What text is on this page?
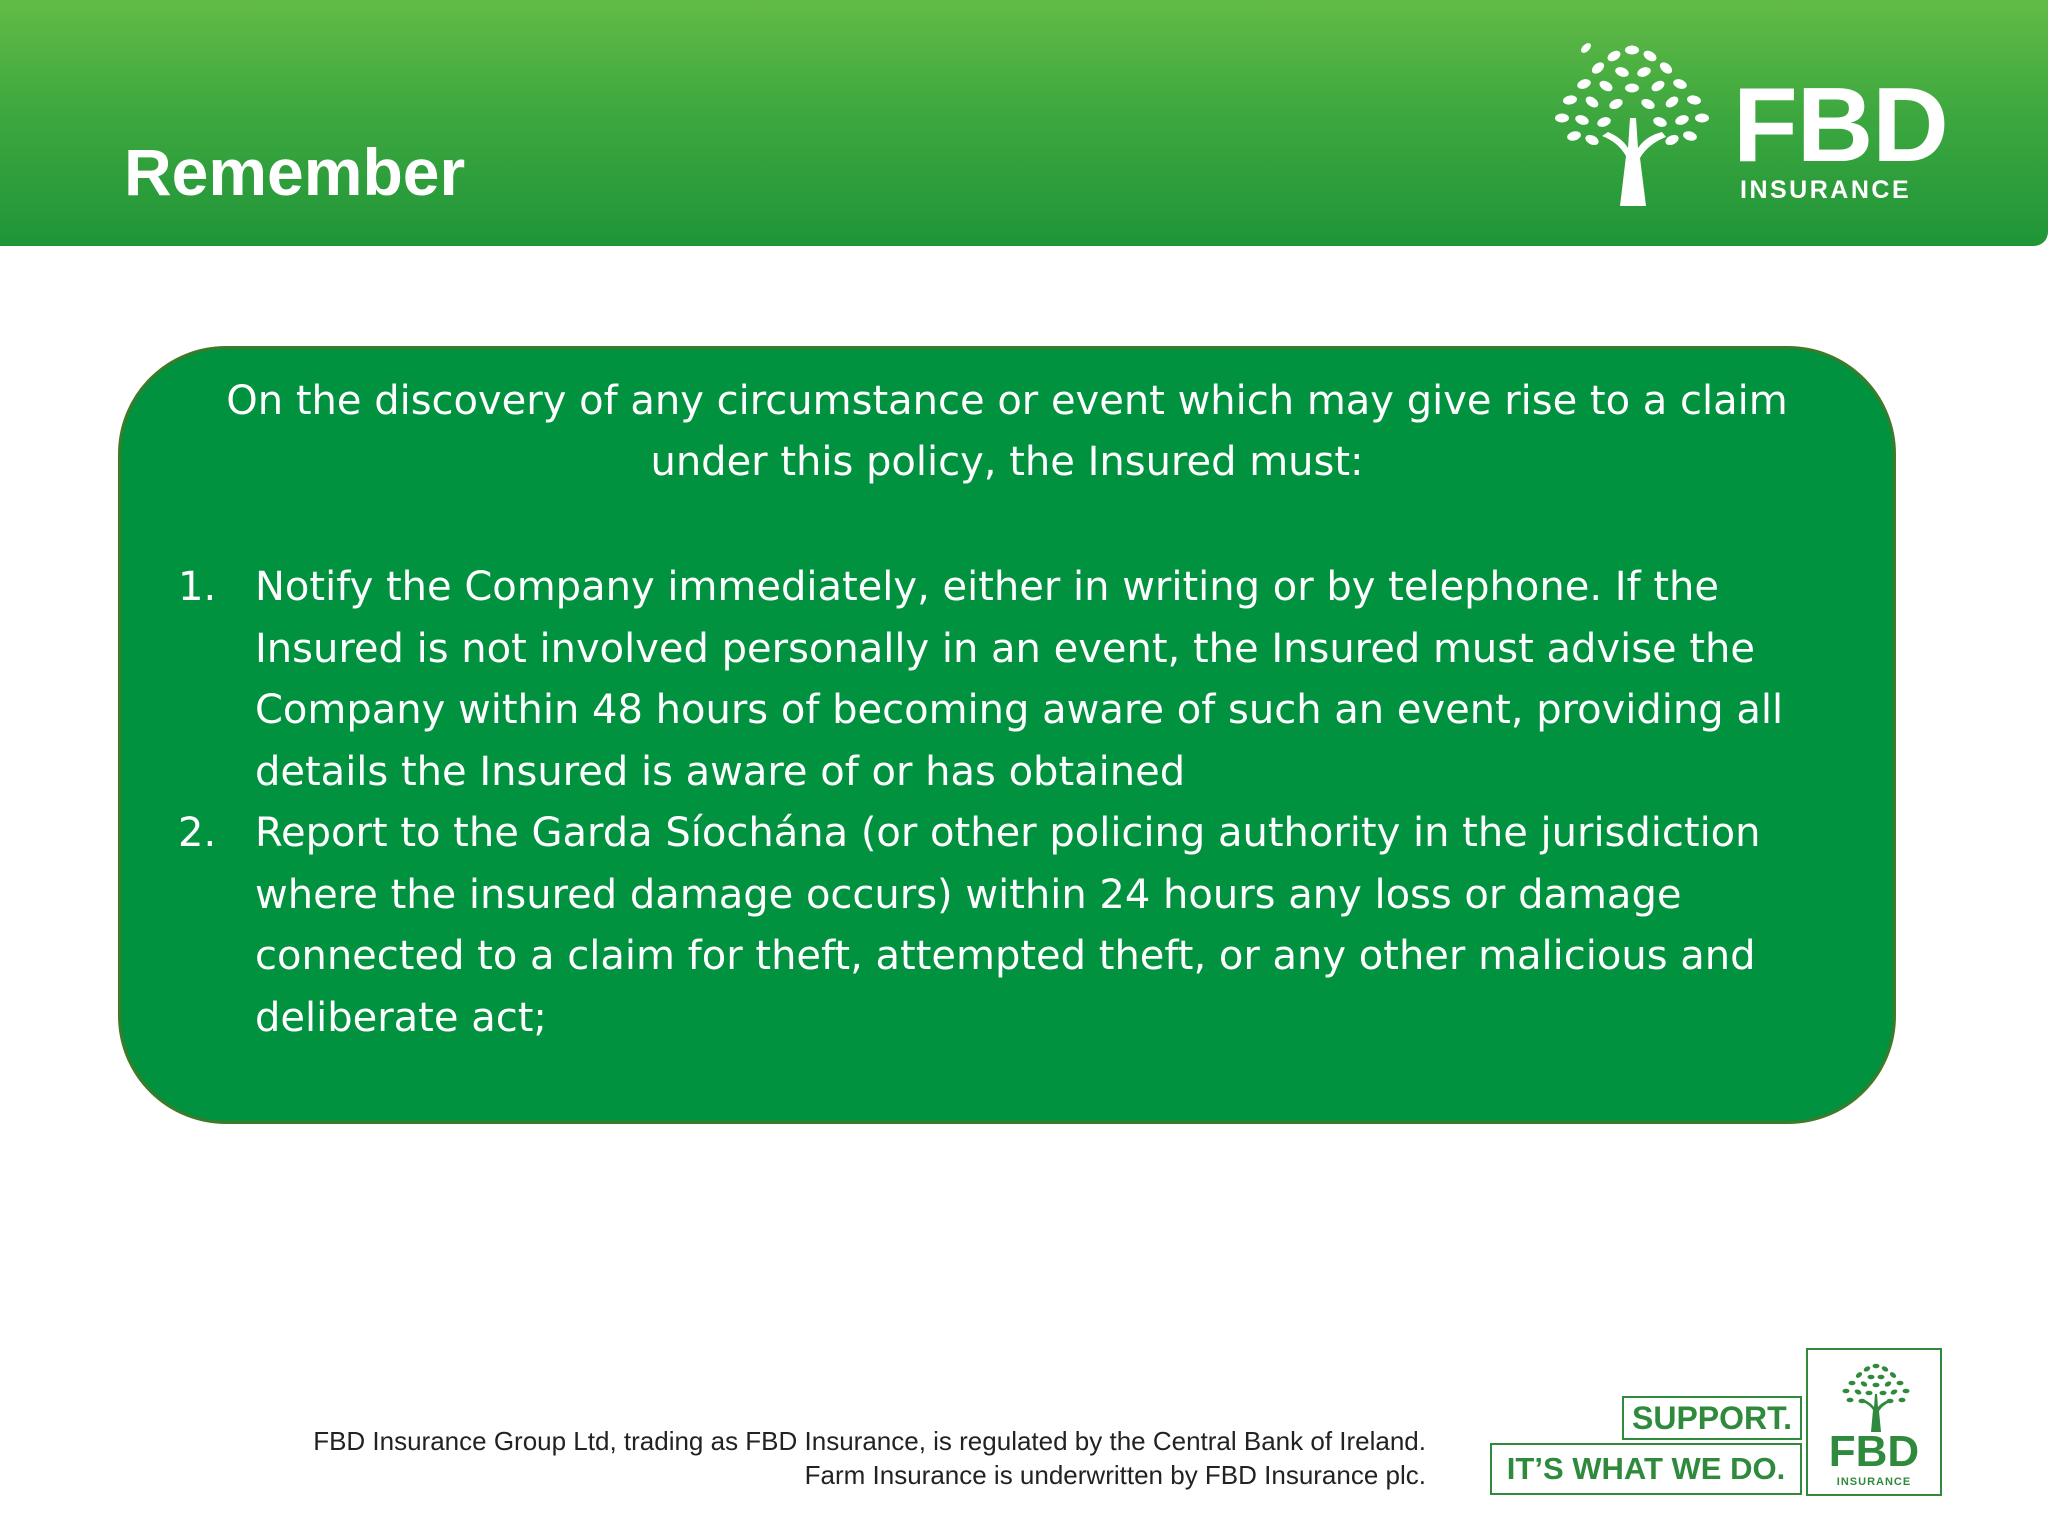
Remember	FBD
INSURANCE

On the discovery of any circumstance or event which may give rise to a claim under this policy, the Insured must:

1. Notify the Company immediately, either in writing or by telephone. If the Insured is not involved personally in an event, the Insured must advise the Company within 48 hours of becoming aware of such an event, providing all details the Insured is aware of or has obtained
2. Report to the Garda Síochána (or other policing authority in the jurisdiction where the insured damage occurs) within 24 hours any loss or damage connected to a claim for theft, attempted theft, or any other malicious and deliberate act;
FBD Insurance Group Ltd, trading as FBD Insurance, is regulated by the Central Bank of Ireland.
Farm Insurance is underwritten by FBD Insurance plc.
SUPPORT.
IT’S WHAT WE DO. FBD
INSURANCE
